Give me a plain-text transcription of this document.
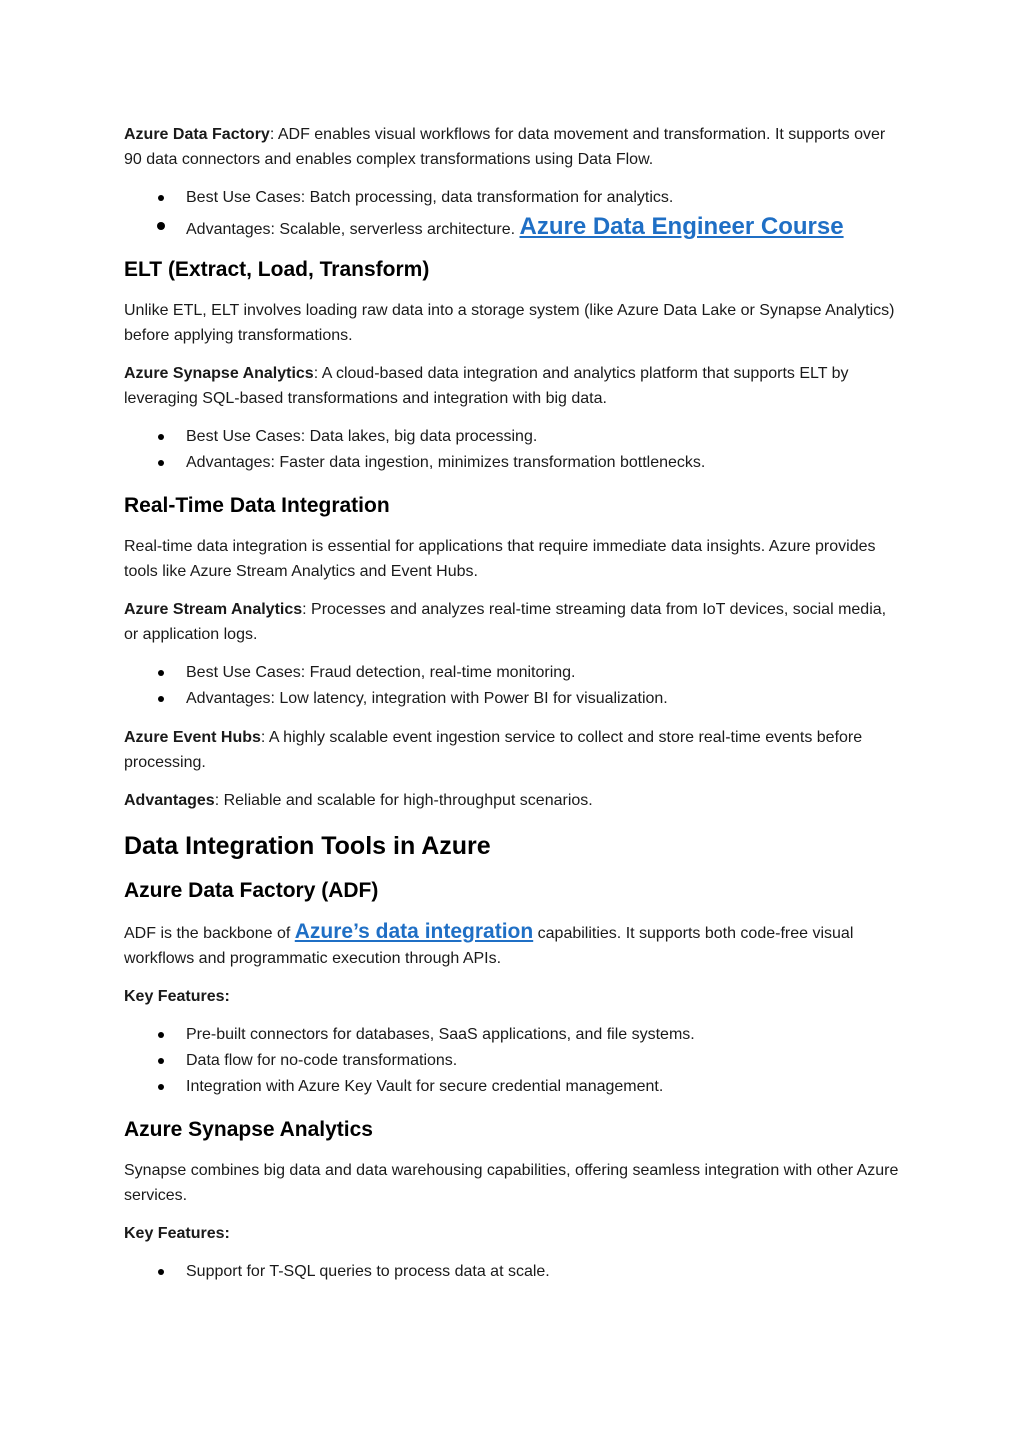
Azure Data Factory: ADF enables visual workflows for data movement and transformation. It supports over 90 data connectors and enables complex transformations using Data Flow.

Best Use Cases: Batch processing, data transformation for analytics.
Advantages: Scalable, serverless architecture. Azure Data Engineer Course
ELT (Extract, Load, Transform)

Unlike ETL, ELT involves loading raw data into a storage system (like Azure Data Lake or Synapse Analytics) before applying transformations.

Azure Synapse Analytics: A cloud-based data integration and analytics platform that supports ELT by leveraging SQL-based transformations and integration with big data.

Best Use Cases: Data lakes, big data processing.
Advantages: Faster data ingestion, minimizes transformation bottlenecks.
Real-Time Data Integration

Real-time data integration is essential for applications that require immediate data insights. Azure provides tools like Azure Stream Analytics and Event Hubs.

Azure Stream Analytics: Processes and analyzes real-time streaming data from IoT devices, social media, or application logs.

Best Use Cases: Fraud detection, real-time monitoring.
Advantages: Low latency, integration with Power BI for visualization.

Azure Event Hubs: A highly scalable event ingestion service to collect and store real-time events before processing.

Advantages: Reliable and scalable for high-throughput scenarios.

Data Integration Tools in Azure
Azure Data Factory (ADF)

ADF is the backbone of Azure’s data integration capabilities. It supports both code-free visual workflows and programmatic execution through APIs.

Key Features:

Pre-built connectors for databases, SaaS applications, and file systems.
Data flow for no-code transformations.
Integration with Azure Key Vault for secure credential management.
Azure Synapse Analytics

Synapse combines big data and data warehousing capabilities, offering seamless integration with other Azure services.

Key Features:

Support for T-SQL queries to process data at scale.
